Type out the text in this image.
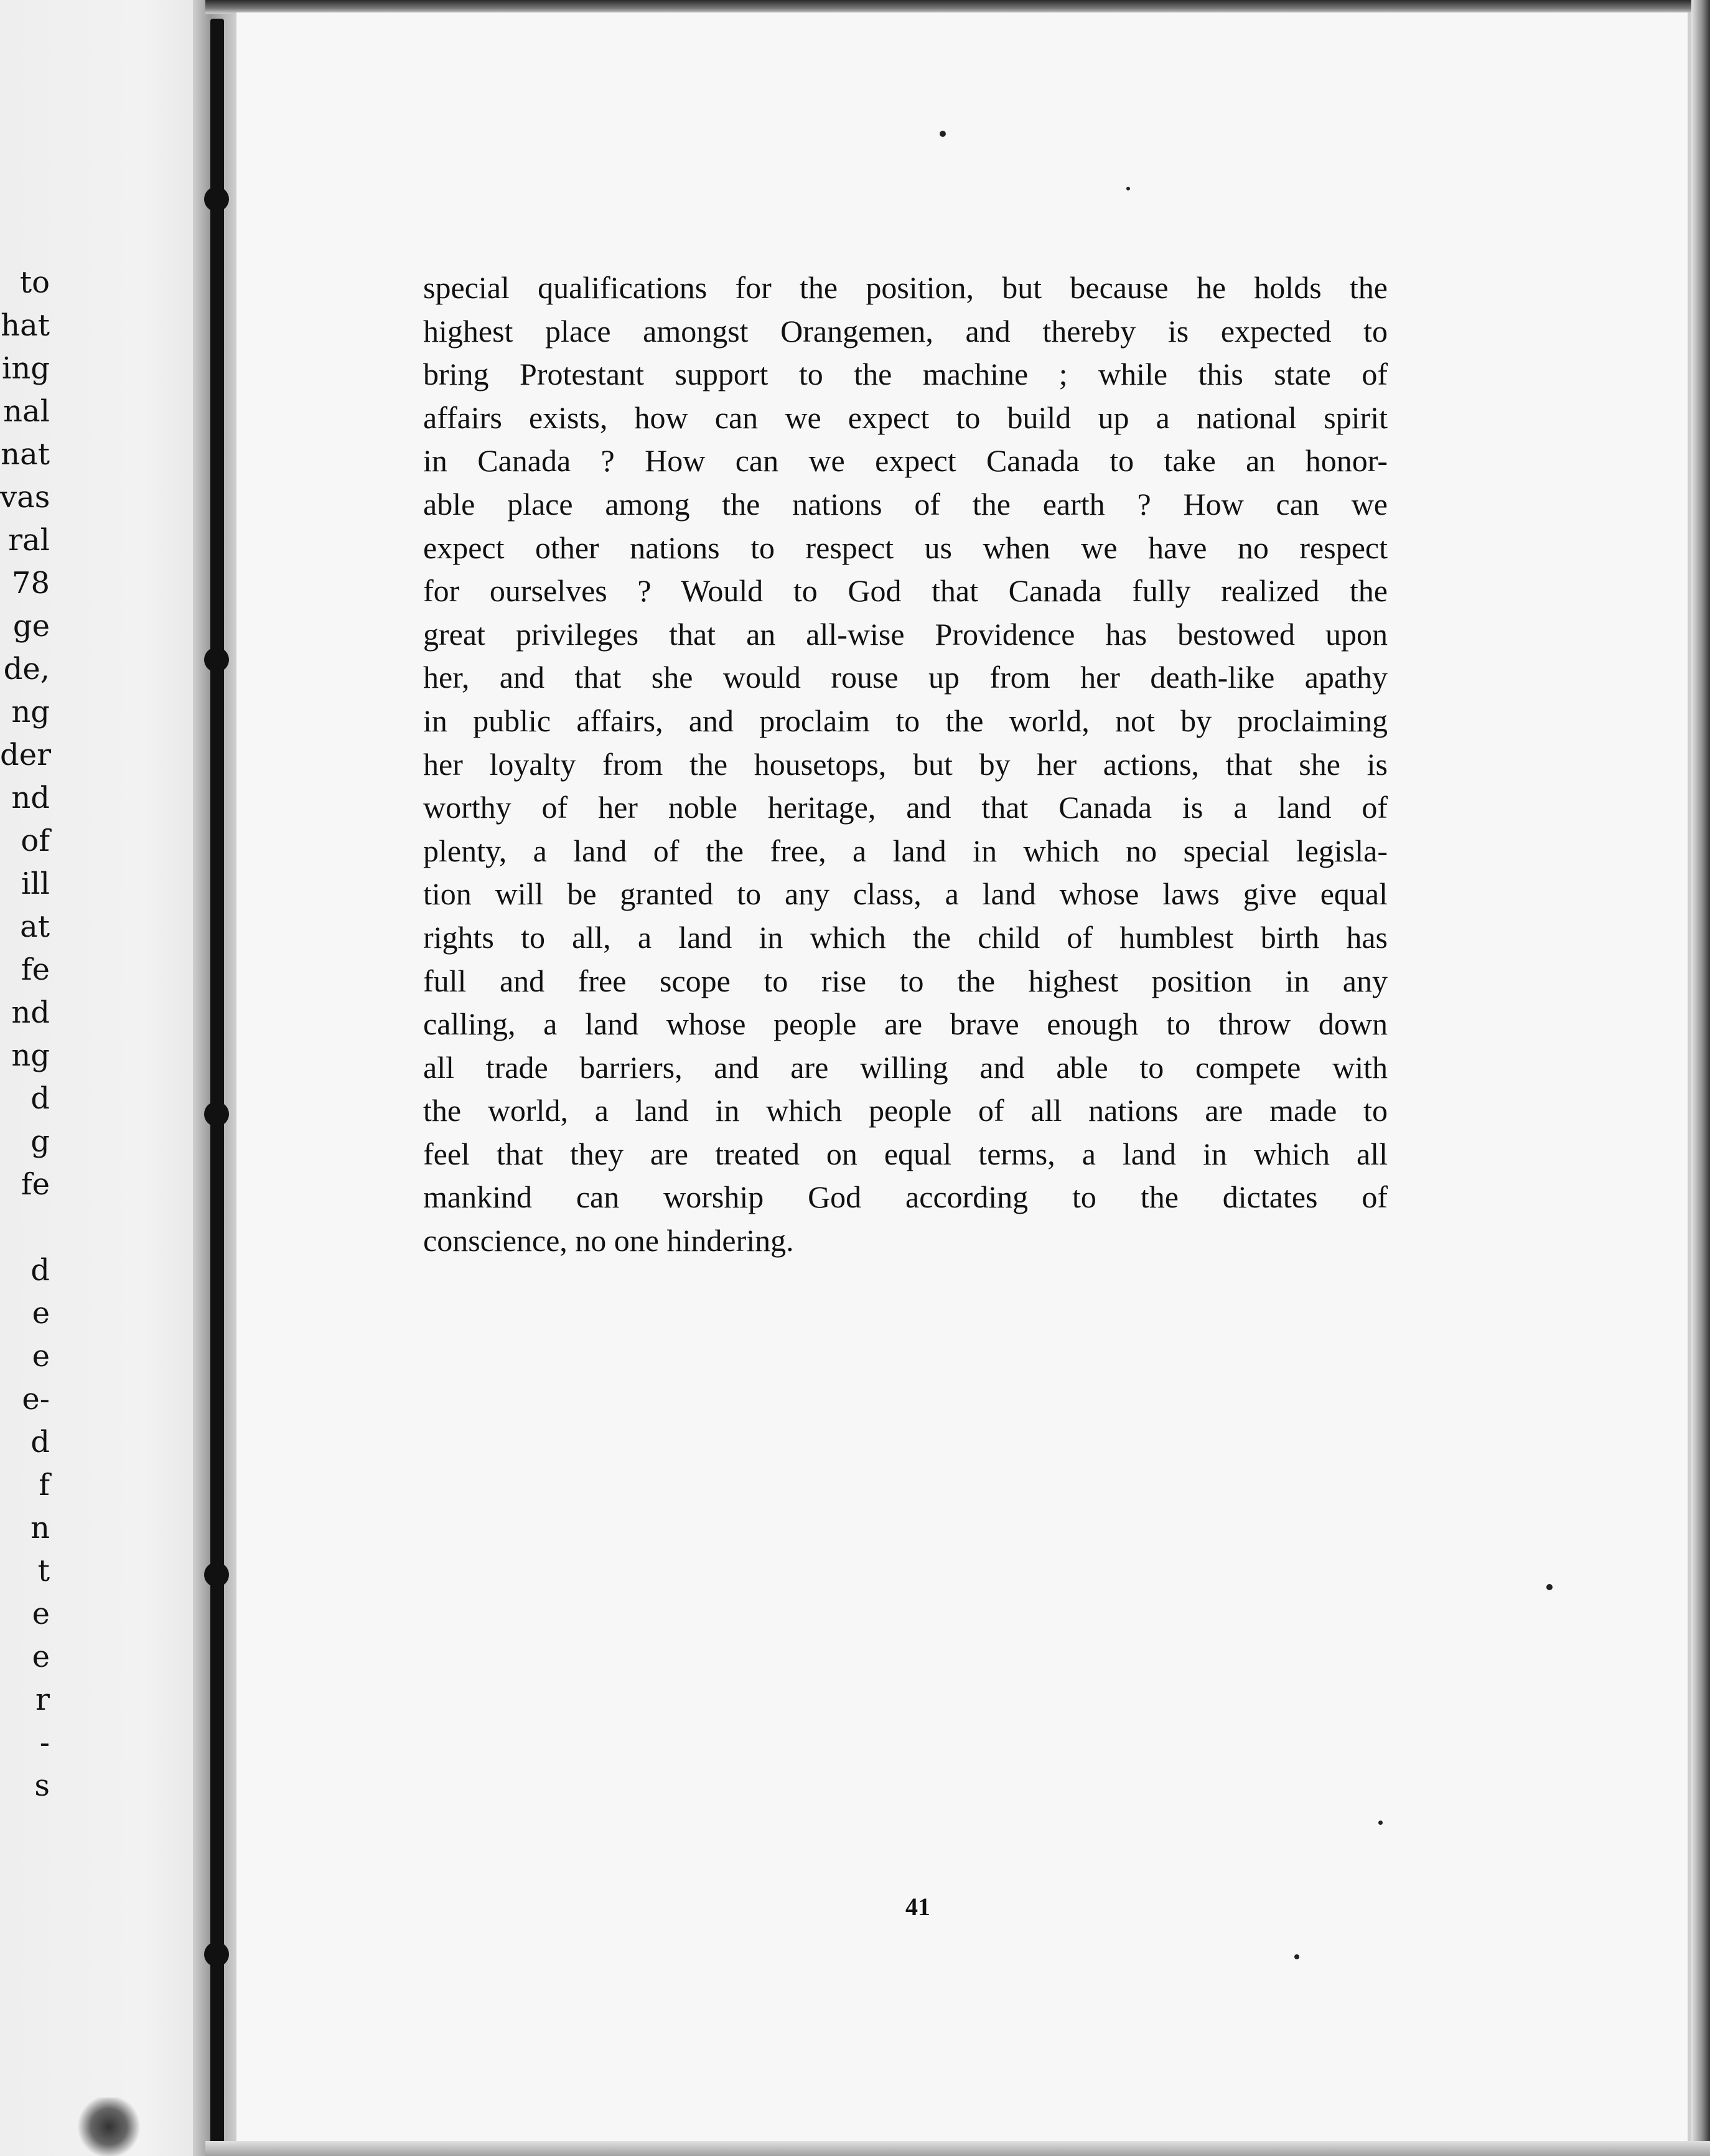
to
hat
ing
nal
nat
vas
ral
78
ge
de,
ng
der
nd
of
ill
at
fe
nd
ng
d
g
fe
d
e
e
e-
d
f
n
t
e
e
r
-
s
special qualifications for the position, but because he holds the
highest place amongst Orangemen, and thereby is expected to
bring Protestant support to the machine ; while this state of
affairs exists, how can we expect to build up a national spirit
in Canada ? How can we expect Canada to take an honor-
able place among the nations of the earth ? How can we
expect other nations to respect us when we have no respect
for ourselves ? Would to God that Canada fully realized the
great privileges that an all-wise Providence has bestowed upon
her, and that she would rouse up from her death-like apathy
in public affairs, and proclaim to the world, not by proclaiming
her loyalty from the housetops, but by her actions, that she is
worthy of her noble heritage, and that Canada is a land of
plenty, a land of the free, a land in which no special legisla-
tion will be granted to any class, a land whose laws give equal
rights to all, a land in which the child of humblest birth has
full and free scope to rise to the highest position in any
calling, a land whose people are brave enough to throw down
all trade barriers, and are willing and able to compete with
the world, a land in which people of all nations are made to
feel that they are treated on equal terms, a land in which all
mankind can worship God according to the dictates of
conscience, no one hindering.
41
